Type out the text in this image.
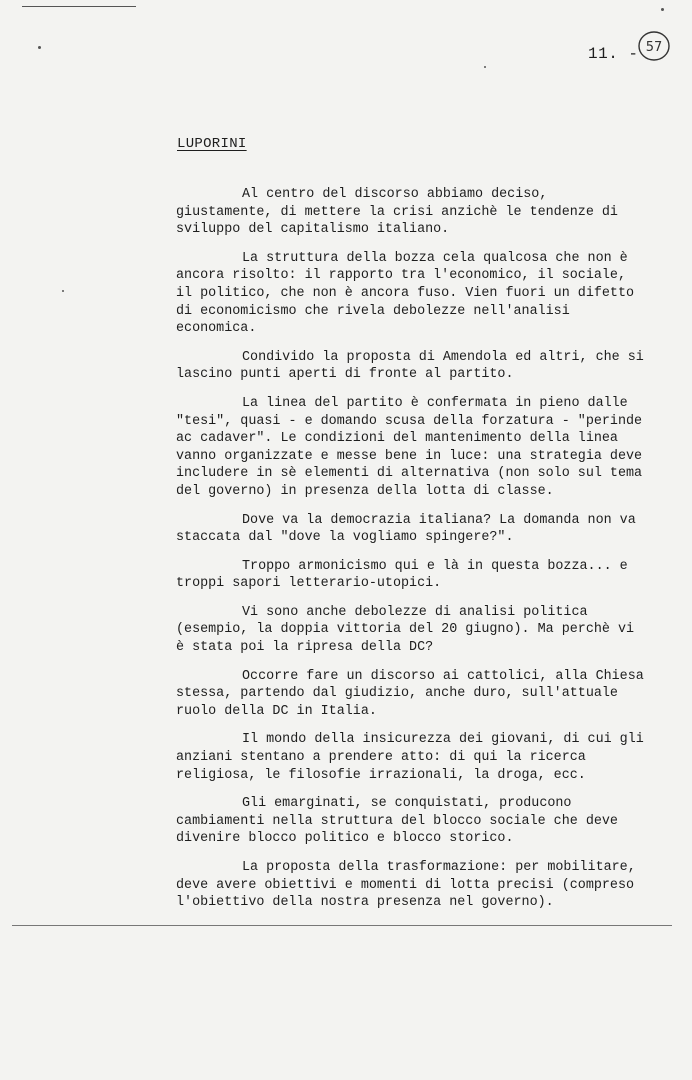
11. - 57
LUPORINI

Al centro del discorso abbiamo deciso, giustamente, di mettere la crisi anzichè le tendenze di sviluppo del capitalismo italiano.

La struttura della bozza cela qualcosa che non è ancora risolto: il rapporto tra l'economico, il sociale, il politico, che non è ancora fuso. Vien fuori un difetto di economicismo che rivela debolezze nell'analisi economica.

Condivido la proposta di Amendola ed altri, che si lascino punti aperti di fronte al partito.

La linea del partito è confermata in pieno dalle "tesi", quasi - e domando scusa della forzatura - "perinde ac cadaver". Le condizioni del mantenimento della linea vanno organizzate e messe bene in luce: una strategia deve includere in sè elementi di alternativa (non solo sul tema del governo) in presenza della lotta di classe.

Dove va la democrazia italiana? La domanda non va staccata dal "dove la vogliamo spingere?".

Troppo armonicismo qui e là in questa bozza... e troppi sapori letterario-utopici.

Vi sono anche debolezze di analisi politica (esempio, la doppia vittoria del 20 giugno). Ma perchè vi è stata poi la ripresa della DC?

Occorre fare un discorso ai cattolici, alla Chiesa stessa, partendo dal giudizio, anche duro, sull'attuale ruolo della DC in Italia.

Il mondo della insicurezza dei giovani, di cui gli anziani stentano a prendere atto: di qui la ricerca religiosa, le filosofie irrazionali, la droga, ecc.

Gli emarginati, se conquistati, producono cambiamenti nella struttura del blocco sociale che deve divenire blocco politico e blocco storico.

La proposta della trasformazione: per mobilitare, deve avere obiettivi e momenti di lotta precisi (compreso l'obiettivo della nostra presenza nel governo).
